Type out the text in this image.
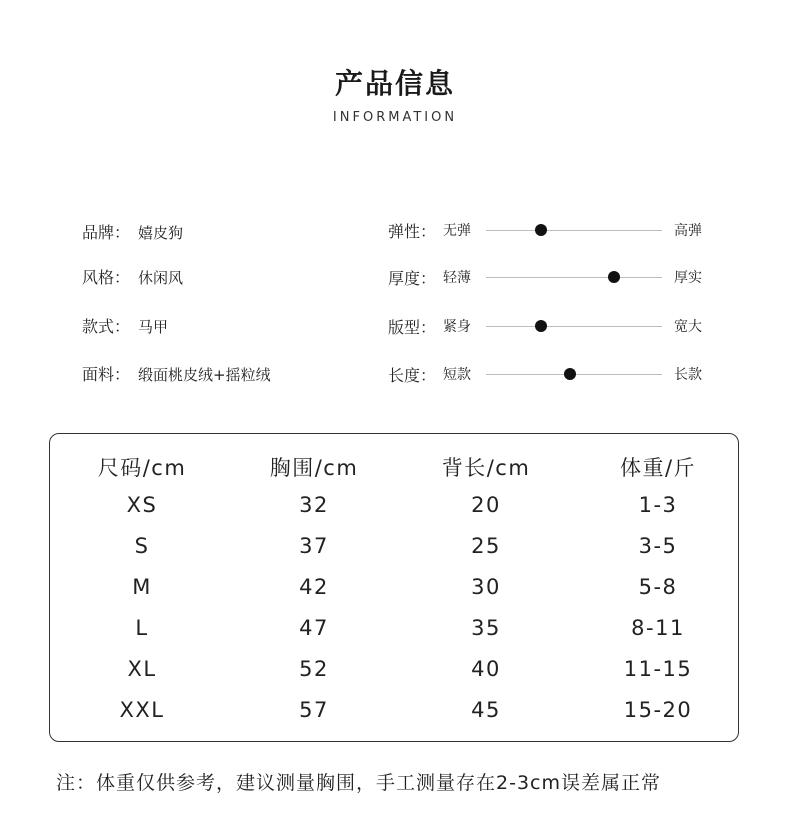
产品信息
INFORMATION
品牌： 嬉皮狗
风格： 休闲风
款式： 马甲
面料： 缎面桃皮绒+摇粒绒
弹性： 无弹	高弹
厚度： 轻薄	厚实
版型： 紧身	宽大
长度： 短款	长款
尺码/cm	胸围/cm	背长/cm	体重/斤
XS	32	20	1-3
S	37	25	3-5
M	42	30	5-8
L	47	35	8-11
XL	52	40	11-15
XXL	57	45	15-20
注：体重仅供参考，建议测量胸围，手工测量存在2-3cm误差属正常
